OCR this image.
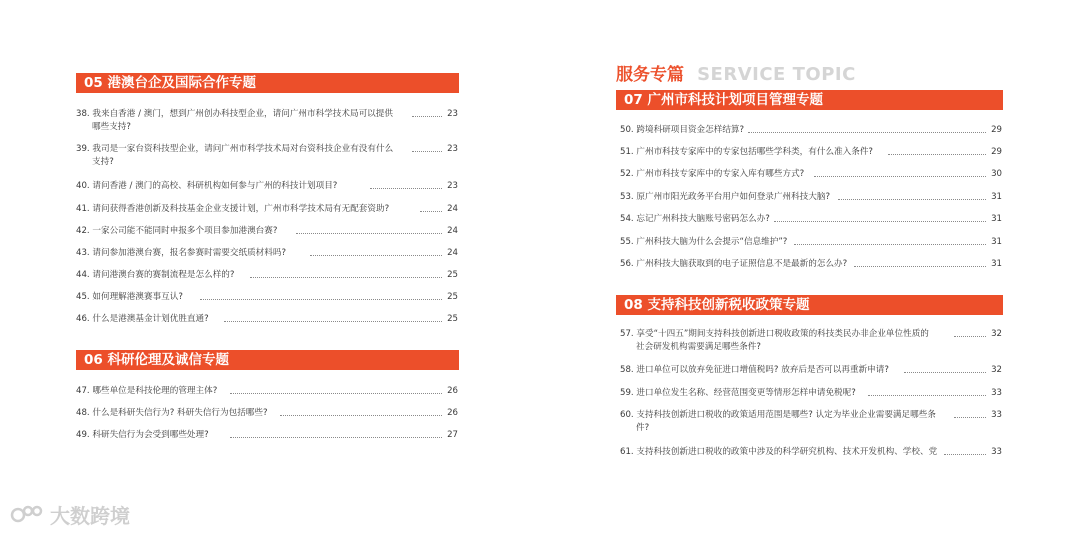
05 港澳台企及国际合作专题
38. 我来自香港 / 澳门，想到广州创办科技型企业，请问广州市科学技术局可以提供
哪些支持?
23
39. 我司是一家台资科技型企业，请问广州市科学技术局对台资科技企业有没有什么
支持?
23
40. 请问香港 / 澳门的高校、科研机构如何参与广州的科技计划项目?	23
41. 请问获得香港创新及科技基金企业支援计划，广州市科学技术局有无配套资助?	24
42. 一家公司能不能同时申报多个项目参加港澳台赛?	24
43. 请问参加港澳台赛，报名参赛时需要交纸质材料吗?	24
44. 请问港澳台赛的赛制流程是怎么样的?	25
45. 如何理解港澳赛事互认?	25
46. 什么是港澳基金计划优胜直通?	25
06 科研伦理及诚信专题
47. 哪些单位是科技伦理的管理主体?	26
48. 什么是科研失信行为? 科研失信行为包括哪些?	26
49. 科研失信行为会受到哪些处理?	27
大数跨境
服务专篇 SERVICE TOPIC
07 广州市科技计划项目管理专题
50. 跨境科研项目资金怎样结算?	29
51. 广州市科技专家库中的专家包括哪些学科类，有什么准入条件?	29
52. 广州市科技专家库中的专家入库有哪些方式?	30
53. 原广州市阳光政务平台用户如何登录广州科技大脑?	31
54. 忘记广州科技大脑账号密码怎么办?	31
55. 广州科技大脑为什么会提示“信息维护”?	31
56. 广州科技大脑获取到的电子证照信息不是最新的怎么办?	31
08 支持科技创新税收政策专题
57. 享受“十四五”期间支持科技创新进口税收政策的科技类民办非企业单位性质的
社会研发机构需要满足哪些条件?
32
58. 进口单位可以放弃免征进口增值税吗? 放弃后是否可以再重新申请?	32
59. 进口单位发生名称、经营范围变更等情形怎样申请免税呢?	33
60. 支持科技创新进口税收的政策适用范围是哪些? 认定为毕业企业需要满足哪些条
件?
33
61. 支持科技创新进口税收的政策中涉及的科学研究机构、技术开发机构、学校、党	33
